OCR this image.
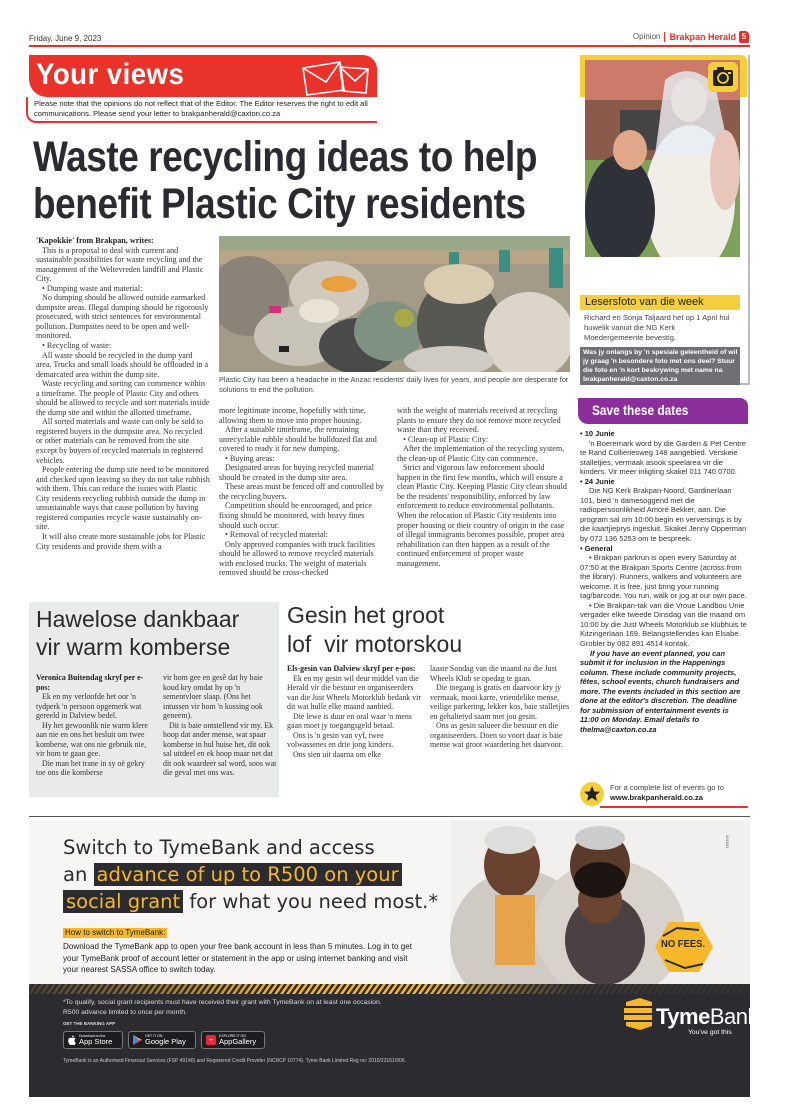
Friday, June 9, 2023	Opinion	Brakpan Herald 5
Your views
Please note that the opinions do not reflect that of the Editor. The Editor reserves the right to edit all communications. Please send your letter to brakpanherald@caxton.co.za
Waste recycling ideas to help
benefit Plastic City residents

'Kapokkie' from Brakpan, writes:

This is a proposal to deal with current and sustainable possibilities for waste recycling and the management of the Weltevreden landfill and Plastic City.

• Dumping waste and material:

No dumping should be allowed outside earmarked dumpsite areas. Illegal dumping should be rigorously prosecuted, with strict sentences for environmental pollution. Dumpsites need to be open and well-monitored.

• Recycling of waste:

All waste should be recycled in the dump yard area. Trucks and small loads should be offloaded in a demarcated area within the dump site.

Waste recycling and sorting can commence within a timeframe. The people of Plastic City and others should be allowed to recycle and sort materials inside the dump site and within the allotted timeframe.

All sorted materials and waste can only be sold to registered buyers in the dumpsite area. No recycled or other materials can be removed from the site except by buyers of recycled materials in registered vehicles.

People entering the dump site need to be monitored and checked upon leaving so they do not take rubbish with them. This can reduce the issues with Plastic City residents recycling rubbish outside the dump in unsustainable ways that cause pollution by having registered companies recycle waste sustainably on-site.

It will also create more sustainable jobs for Plastic City residents and provide them with a

Plastic City has been a headache in the Anzac residents' daily lives for years, and people are desperate for solutions to end the pollution.

more legitimate income, hopefully with time, allowing them to move into proper housing.

After a suitable timeframe, the remaining unrecyclable rubble should be bulldozed flat and covered to ready it for new dumping.

• Buying areas:

Designated areas for buying recycled material should be created in the dump site area.

These areas must be fenced off and controlled by the recycling buyers.

Competition should be encouraged, and price fixing should be monitored, with heavy fines should such occur.

• Removal of recycled material:

Only approved companies with truck facilities should be allowed to remove recycled materials with enclosed trucks. The weight of materials removed should be cross-checked

with the weight of materials received at recycling plants to ensure they do not remove more recycled waste than they received.

• Clean-up of Plastic City:

After the implementation of the recycling system, the clean-up of Plastic City can commence.

Strict and vigorous law enforcement should happen in the first few months, which will ensure a clean Plastic City. Keeping Plastic City clean should be the residents' responsibility, enforced by law enforcement to reduce environmental pollutants. When the relocation of Plastic City residents into proper housing or their country of origin in the case of illegal immigrants becomes possible, proper area rehabilitation can then happen as a result of the continued enforcement of proper waste management.

Hawelose dankbaar
vir warm komberse

Veronica Buitendag skryf per e-pos:

Ek en my verloofde het oor 'n tydperk 'n persoon opgemerk wat gereeld in Dalview bedel.

Hy het gewoonlik nie warm klere aan nie en ons het besluit om twee komberse, wat ons nie gebruik nie, vir hom te gaan gee.

Die man het trane in sy oë gekry toe ons die komberse

vir hom gee en gesê dat hy baie koud kry omdat hy op 'n sementvloer slaap. (Ons het intussen vir hom 'n kussing ook geneem).

Dit is baie ontstellend vir my. Ek hoop dat ander mense, wat spaar komberse in hul huise het, dit ook sal uitdeel en ek hoop maar net dat dit ook waardeer sal word, soos wat die geval met ons was.

Gesin het groot
lof  vir motorskou

Els-gesin van Dalview skryf per e-pos:

Ek en my gesin wil deur middel van die Herald vir die bestuur en organiseerders van die Just Wheels Motorklub bedank vir dit wat hulle elke maand aanbied.

Die lewe is duur en oral waar 'n mens gaan moet jy toegangsgeld betaal.

Ons is 'n gesin van vyf, twee volwassenes en drie jong kinders.

Ons sien uit daarna om elke

laaste Sondag van die maand na die Just Wheels Klub se opedag te gaan.

Die toegang is gratis en daarvoor kry jy vermaak, mooi karre, vriendelike mense, veilige parkering, lekker kos, baie stalletjies en gehaltetyd saam met jou gesin.

Ons as gesin salueer die bestuur en die organiseerders. Doen so voort daar is baie mense wat groot waardering het daarvoor.

Lesersfoto van die week
Richard en Sonja Taljaard het op 1 April hul huwelik vanuit die NG Kerk Moedergemeente bevestig.
Was jy onlangs by 'n spesiale geleentheid of wil jy graag 'n besondere foto met ons deel? Stuur die foto en 'n kort beskrywing met name na brakpanherald@caxton.co.za
Save these dates
• 10 Junie

'n Boeremark word by die Garden & Pet Centre te Rand Collieriesweg 148 aangebied. Verskeie stalletjies, vermaak asook speelarea vir die kinders. Vir meer inligting skakel 011 740 0700.

• 24 Junie

Die NG Kerk Brakpan-Noord, Gardinerlaan 101, bied 'n damesoggend met die radiopersoonlikheid Amoré Bekker, aan. Die program sal om 10:00 begin en verversings is by die kaartjieprys ingesluit. Skakel Jenny Opperman by 072 136 5253 om te bespreek.

• General

• Brakpan parkrun is open every Saturday at 07:50 at the Brakpan Sports Centre (across from the library). Runners, walkers and volunteers are welcome. It is free, just bring your running tag/barcode. You run, walk or jog at our own pace.

• Die Brakpan-tak van die Vroue Landbou Unie vergader elke tweede Dinsdag van die maand om 10:00 by die Just Wheels Motorklub se klubhuis te Kitzingerlaan 169. Belangstellendes kan Elsabe Grobler by 082 891 4514 kontak.

If you have an event planned, you can submit it for inclusion in the Happenings column. These include community projects, fêtes, school events, church fundraisers and more. The events included in this section are done at the editor's discretion. The deadline for submission of entertainment events is 11:00 on Monday. Email details to thelma@caxton.co.za

For a complete list of events go to
www.brakpanherald.co.za
NO FEES.
201941
Switch to TymeBank and access
an advance of up to R500 on your
social grant for what you need most.*
How to switch to TymeBank:
Download the TymeBank app to open your free bank account in less than 5 minutes. Log in to get your TymeBank proof of account letter or statement in the app or using internet banking and visit your nearest SASSA office to switch today.
*To qualify, social grant recipients must have received their grant with TymeBank on at least one occasion.
R500 advance limited to once per month.
GET THE BANKING APP
Download on the
App Store
GET IT ON
Google Play
EXPLORE IT ON
AppGallery
TymeBank is an Authorised Financial Services (FSP 49140) and Registered Credit Provider (NCRCP 10774). Tyme Bank Limited Reg no: 2015/231510/06.
TymeBank
You've got this
